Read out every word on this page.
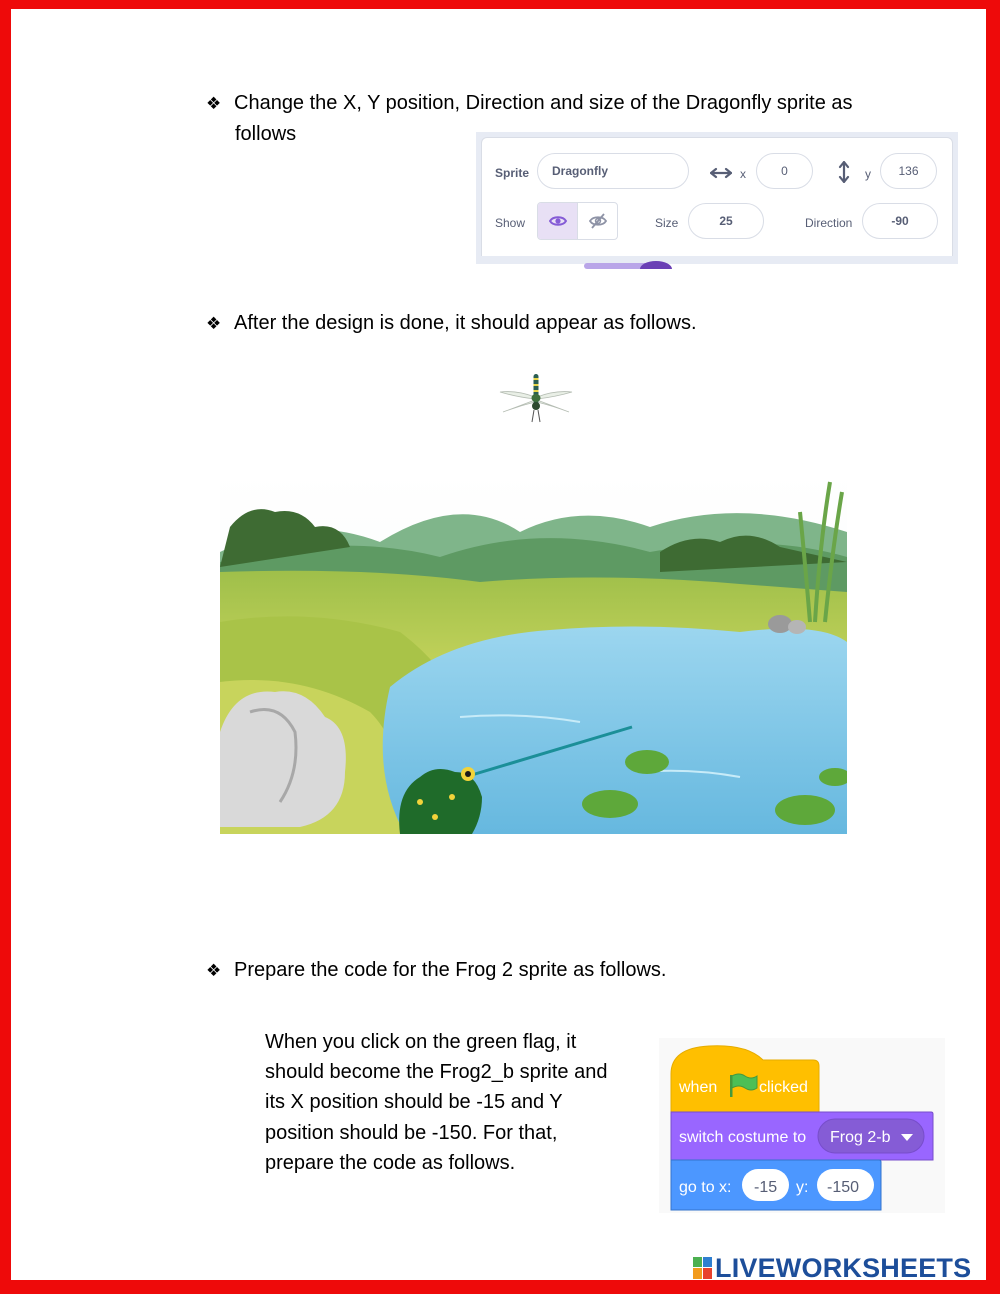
❖ Change the X, Y position, Direction and size of the Dragonfly sprite as
follows
Sprite Dragonfly	x	0	y 136
Show	Size	25	Direction	-90
❖ After the design is done, it should appear as follows.
❖ Prepare the code for the Frog 2 sprite as follows.
When you click on the green flag, it
should become the Frog2_b sprite and
its X position should be -15 and Y
position should be -150. For that,
prepare the code as follows.
when	clicked
switch costume to Frog 2-b
go to x: -15 y: -150
LIVEWORKSHEETS
